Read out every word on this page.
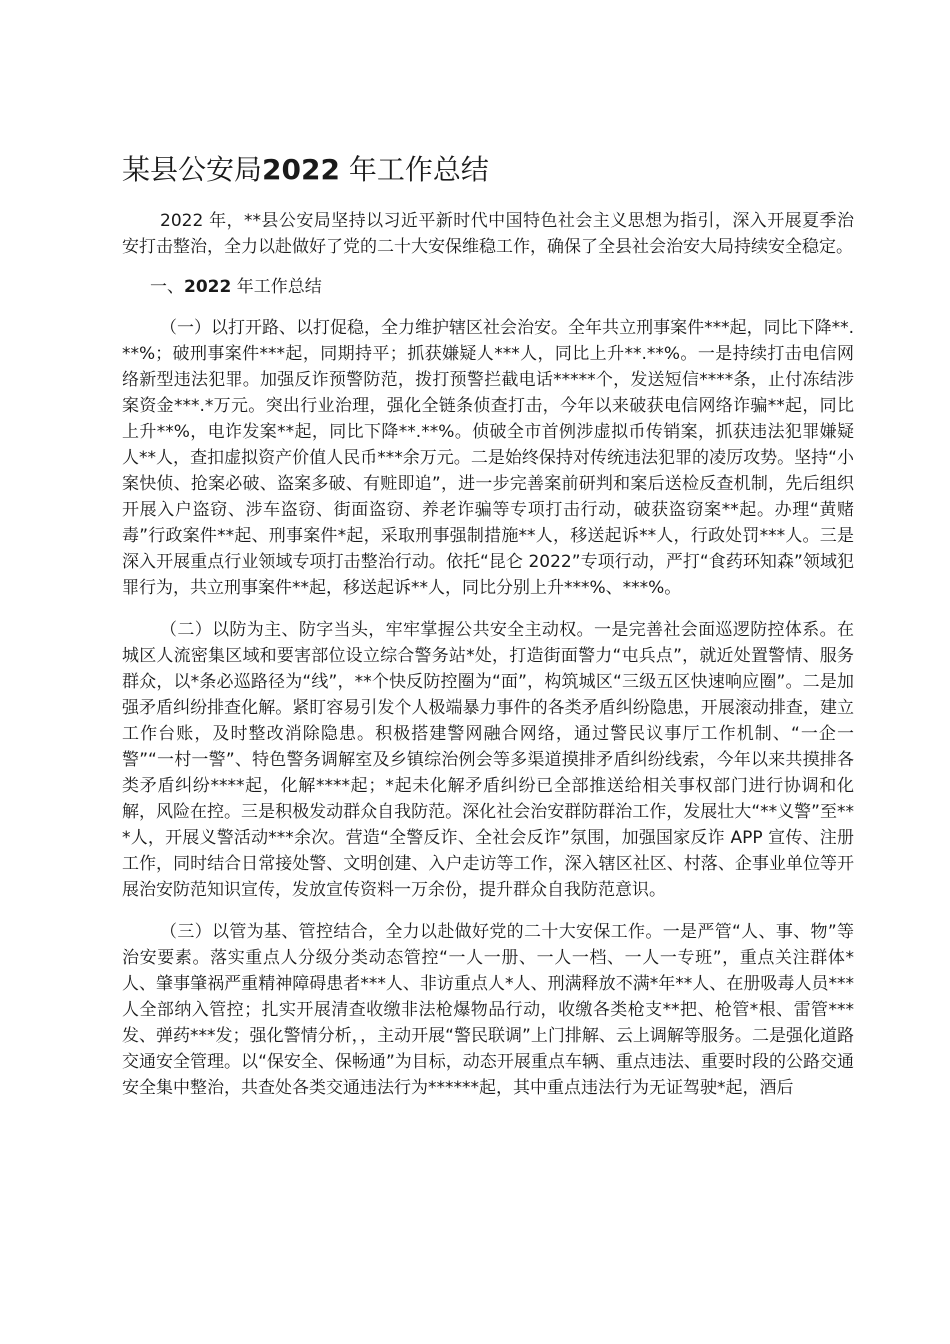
某县公安局2022 年工作总结

2022 年，**县公安局坚持以习近平新时代中国特色社会主义思想为指引，深入开展夏季治安打击整治，全力以赴做好了党的二十大安保维稳工作，确保了全县社会治安大局持续安全稳定。

一、2022 年工作总结

（一）以打开路、以打促稳，全力维护辖区社会治安。全年共立刑事案件***起，同比下降**.**%；破刑事案件***起，同期持平；抓获嫌疑人***人，同比上升**.**%。一是持续打击电信网络新型违法犯罪。加强反诈预警防范，拨打预警拦截电话*****个，发送短信****条，止付冻结涉案资金***.*万元。突出行业治理，强化全链条侦查打击，今年以来破获电信网络诈骗**起，同比上升**%，电诈发案**起，同比下降**.**%。侦破全市首例涉虚拟币传销案，抓获违法犯罪嫌疑人**人，查扣虚拟资产价值人民币***余万元。二是始终保持对传统违法犯罪的凌厉攻势。坚持“小案快侦、抢案必破、盗案多破、有赃即追”，进一步完善案前研判和案后送检反查机制，先后组织开展入户盗窃、涉车盗窃、街面盗窃、养老诈骗等专项打击行动，破获盗窃案**起。办理“黄赌毒”行政案件**起、刑事案件*起，采取刑事强制措施**人，移送起诉**人，行政处罚***人。三是深入开展重点行业领域专项打击整治行动。依托“昆仑 2022”专项行动，严打“食药环知森”领域犯罪行为，共立刑事案件**起，移送起诉**人，同比分别上升***%、***%。

（二）以防为主、防字当头，牢牢掌握公共安全主动权。一是完善社会面巡逻防控体系。在城区人流密集区域和要害部位设立综合警务站*处，打造街面警力“屯兵点”，就近处置警情、服务群众，以*条必巡路径为“线”，**个快反防控圈为“面”，构筑城区“三级五区快速响应圈”。二是加强矛盾纠纷排查化解。紧盯容易引发个人极端暴力事件的各类矛盾纠纷隐患，开展滚动排查，建立工作台账，及时整改消除隐患。积极搭建警网融合网络，通过警民议事厅工作机制、“一企一警”“一村一警”、特色警务调解室及乡镇综治例会等多渠道摸排矛盾纠纷线索，今年以来共摸排各类矛盾纠纷****起，化解****起；*起未化解矛盾纠纷已全部推送给相关事权部门进行协调和化解，风险在控。三是积极发动群众自我防范。深化社会治安群防群治工作，发展壮大“**义警”至***人，开展义警活动***余次。营造“全警反诈、全社会反诈”氛围，加强国家反诈 APP 宣传、注册工作，同时结合日常接处警、文明创建、入户走访等工作，深入辖区社区、村落、企事业单位等开展治安防范知识宣传，发放宣传资料一万余份，提升群众自我防范意识。

（三）以管为基、管控结合，全力以赴做好党的二十大安保工作。一是严管“人、事、物”等治安要素。落实重点人分级分类动态管控“一人一册、一人一档、一人一专班”，重点关注群体*人、肇事肇祸严重精神障碍患者***人、非访重点人*人、刑满释放不满*年**人、在册吸毒人员***人全部纳入管控；扎实开展清查收缴非法枪爆物品行动，收缴各类枪支**把、枪管*根、雷管***发、弹药***发；强化警情分析，，主动开展“警民联调”上门排解、云上调解等服务。二是强化道路交通安全管理。以“保安全、保畅通”为目标，动态开展重点车辆、重点违法、重要时段的公路交通安全集中整治，共查处各类交通违法行为******起，其中重点违法行为无证驾驶*起，酒后
